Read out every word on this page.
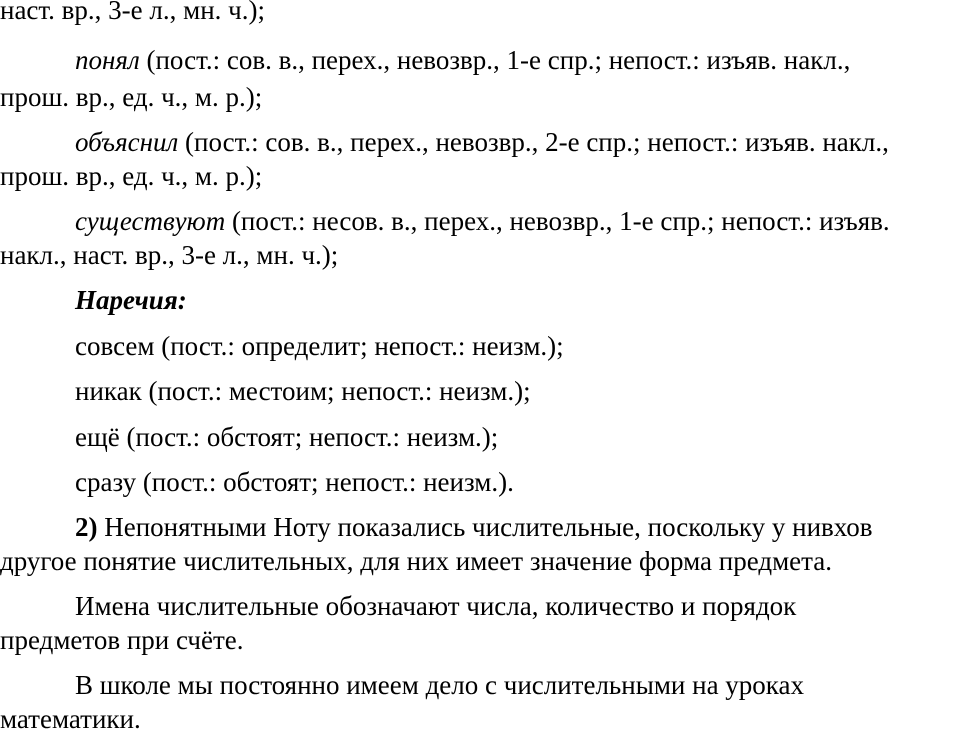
наст. вр., 3-е л., мн. ч.);
понял (пост.: сов. в., перех., невозвр., 1-е спр.; непост.: изъяв. накл.,
прош. вр., ед. ч., м. р.);
объяснил (пост.: сов. в., перех., невозвр., 2-е спр.; непост.: изъяв. накл.,
прош. вр., ед. ч., м. р.);
существуют (пост.: несов. в., перех., невозвр., 1-е спр.; непост.: изъяв.
накл., наст. вр., 3-е л., мн. ч.);
Наречия:
совсем (пост.: определит; непост.: неизм.);
никак (пост.: местоим; непост.: неизм.);
ещё (пост.: обстоят; непост.: неизм.);
сразу (пост.: обстоят; непост.: неизм.).
2) Непонятными Ноту показались числительные, поскольку у нивхов
другое понятие числительных, для них имеет значение форма предмета.
Имена числительные обозначают числа, количество и порядок
предметов при счёте.
В школе мы постоянно имеем дело с числительными на уроках
математики.
